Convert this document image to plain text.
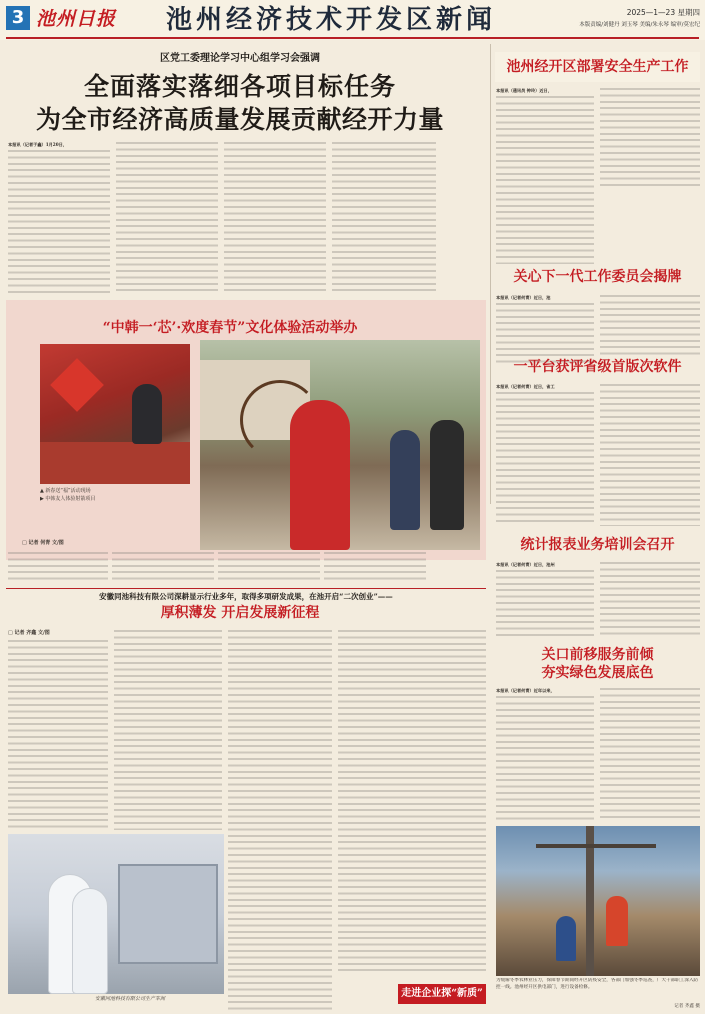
3 池州日报	池州经济技术开发区新闻	2025—1—23 星期四
本版责编/刘健丹 刘玉琴 美编/朱永琴 编审/莫宏纪
区党工委理论学习中心组学习会强调
全面落实落细各项目标任务
为全市经济高质量发展贡献经开力量
本报讯（记者于鑫）1月20日，
池州经开区部署安全生产工作
本报讯（通讯员 钟玲）近日，
关心下一代工作委员会揭牌
本报讯（记者何青）近日，池
一平台获评省级首版次软件
本报讯（记者何青）近日，省工
统计报表业务培训会召开
本报讯（记者何青）近日，池州
关口前移服务前倾
夯实绿色发展底色
本报讯（记者何青）近年以来，
为缓解冬季农林业压力，保障春节期间经开区防疫安全，各部门加强冬季巡查，广大干部职工深入防控一线。池州经开区供电部门，进行设备检修。
记者 齐鑫 摄
“中韩一‘芯’·欢度春节”文化体验活动举办
▲ 新春送“福”活动现场
▶ 中韩友人体验射箭项目
□ 记者 何青 文/图
安徽同池科技有限公司深耕显示行业多年，取得多项研发成果，在池开启“二次创业”——
厚积薄发 开启发展新征程
□ 记者 齐鑫 文/图
安徽同池科技有限公司生产车间	走进企业探“新质”
